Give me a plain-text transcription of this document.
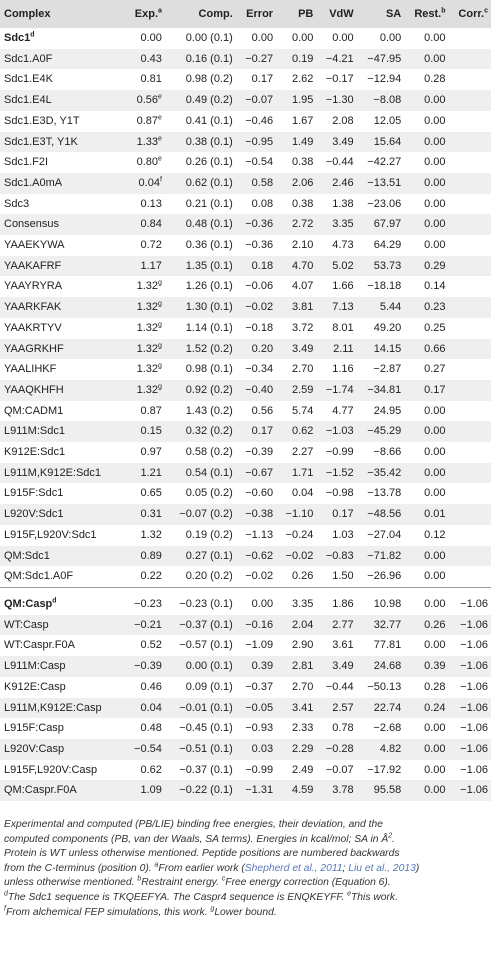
Complex	Exp.$^a$	Comp.	Error	PB	VdW	SA	Rest.$^b$	Corr.$^c$
Sdc1$^d$	0.00	0.00 (0.1)	0.00	0.00	0.00	0.00	0.00	
Sdc1.A0F	0.43	0.16 (0.1)	−0.27	0.19	−4.21	−47.95	0.00	
Sdc1.E4K	0.81	0.98 (0.2)	0.17	2.62	−0.17	−12.94	0.28	
Sdc1.E4L	0.56e	0.49 (0.2)	−0.07	1.95	−1.30	−8.08	0.00	
Sdc1.E3D, Y1T	0.87e	0.41 (0.1)	−0.46	1.67	2.08	12.05	0.00	
Sdc1.E3T, Y1K	1.33e	0.38 (0.1)	−0.95	1.49	3.49	15.64	0.00	
Sdc1.F2I	0.80e	0.26 (0.1)	−0.54	0.38	−0.44	−42.27	0.00	
Sdc1.A0mA	0.04$^f$	0.62 (0.1)	0.58	2.06	2.46	−13.51	0.00	
Sdc3	0.13	0.21 (0.1)	0.08	0.38	1.38	−23.06	0.00	
Consensus	0.84	0.48 (0.1)	−0.36	2.72	3.35	67.97	0.00	
YAAEKYWA	0.72	0.36 (0.1)	−0.36	2.10	4.73	64.29	0.00	
YAAKAFRF	1.17	1.35 (0.1)	0.18	4.70	5.02	53.73	0.29	
YAAYRYRA	1.32$^g$	1.26 (0.1)	−0.06	4.07	1.66	−18.18	0.14	
YAARKFAK	1.32$^g$	1.30 (0.1)	−0.02	3.81	7.13	5.44	0.23	
YAAKRTYV	1.32$^g$	1.14 (0.1)	−0.18	3.72	8.01	49.20	0.25	
YAAGRKHF	1.32$^g$	1.52 (0.2)	0.20	3.49	2.11	14.15	0.66	
YAALIHKF	1.32$^g$	0.98 (0.1)	−0.34	2.70	1.16	−2.87	0.27	
YAAQKHFH	1.32$^g$	0.92 (0.2)	−0.40	2.59	−1.74	−34.81	0.17	
QM:CADM1	0.87	1.43 (0.2)	0.56	5.74	4.77	24.95	0.00	
L911M:Sdc1	0.15	0.32 (0.2)	0.17	0.62	−1.03	−45.29	0.00	
K912E:Sdc1	0.97	0.58 (0.2)	−0.39	2.27	−0.99	−8.66	0.00	
L911M,K912E:Sdc1	1.21	0.54 (0.1)	−0.67	1.71	−1.52	−35.42	0.00	
L915F:Sdc1	0.65	0.05 (0.2)	−0.60	0.04	−0.98	−13.78	0.00	
L920V:Sdc1	0.31	−0.07 (0.2)	−0.38	−1.10	0.17	−48.56	0.01	
L915F,L920V:Sdc1	1.32	0.19 (0.2)	−1.13	−0.24	1.03	−27.04	0.12	
QM:Sdc1	0.89	0.27 (0.1)	−0.62	−0.02	−0.83	−71.82	0.00	
QM:Sdc1.A0F	0.22	0.20 (0.2)	−0.02	0.26	1.50	−26.96	0.00	

QM:Casp$^d$	−0.23	−0.23 (0.1)	0.00	3.35	1.86	10.98	0.00	−1.06
WT:Casp	−0.21	−0.37 (0.1)	−0.16	2.04	2.77	32.77	0.26	−1.06
WT:Caspr.F0A	0.52	−0.57 (0.1)	−1.09	2.90	3.61	77.81	0.00	−1.06
L911M:Casp	−0.39	0.00 (0.1)	0.39	2.81	3.49	24.68	0.39	−1.06
K912E:Casp	0.46	0.09 (0.1)	−0.37	2.70	−0.44	−50.13	0.28	−1.06
L911M,K912E:Casp	0.04	−0.01 (0.1)	−0.05	3.41	2.57	22.74	0.24	−1.06
L915F:Casp	0.48	−0.45 (0.1)	−0.93	2.33	0.78	−2.68	0.00	−1.06
L920V:Casp	−0.54	−0.51 (0.1)	0.03	2.29	−0.28	4.82	0.00	−1.06
L915F,L920V:Casp	0.62	−0.37 (0.1)	−0.99	2.49	−0.07	−17.92	0.00	−1.06
QM:Caspr.F0A	1.09	−0.22 (0.1)	−1.31	4.59	3.78	95.58	0.00	−1.06
Experimental and computed (PB/LIE) binding free energies, their deviation, and the
computed components (PB, van der Waals, SA terms). Energies in kcal/mol; SA in $Å^2$.
Protein is WT unless otherwise mentioned. Peptide positions are numbered backwards
from the C-terminus (position 0). $^a$From earlier work (Shepherd et al., 2011; Liu et al., 2013)
unless otherwise mentioned. $^b$Restraint energy. $^c$Free energy correction (Equation 6).
$^d$The Sdc1 sequence is TKQEEFYA. The Caspr4 sequence is ENQKEYFF. $^e$This work.
$^f$From alchemical FEP simulations, this work. $^g$Lower bound.
